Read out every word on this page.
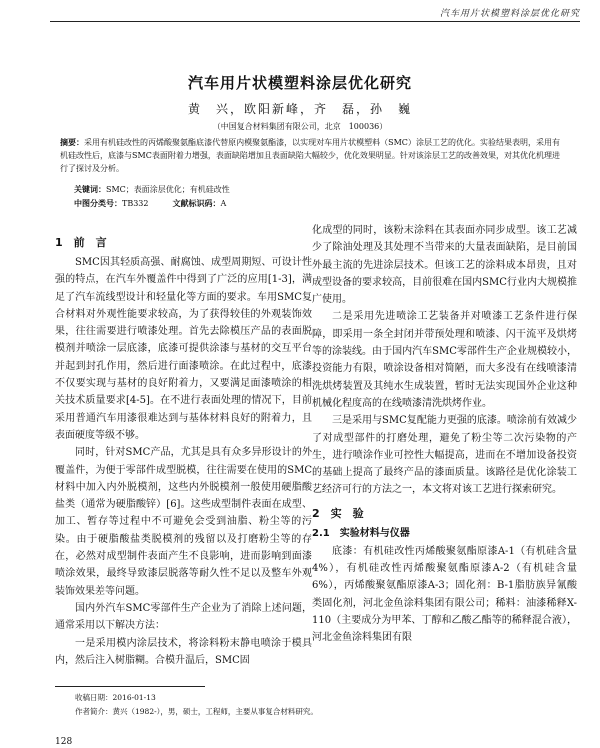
汽车用片状模塑料涂层优化研究
汽车用片状模塑料涂层优化研究
黄　兴，欧阳新峰，齐　磊，孙　巍
（中国复合材料集团有限公司，北京　100036）
摘要：采用有机硅改性的丙烯酸聚氨酯底漆代替原内模聚氨酯漆，以实现对车用片状模塑料（SMC）涂层工艺的优化。实验结果表明，采用有机硅改性后，底漆与SMC表面附着力增强，表面缺陷增加且表面缺陷大幅较少，优化效果明显。针对该涂层工艺的改善效果，对其优化机理进行了探讨及分析。
关键词：SMC；表面涂层优化；有机硅改性
中图分类号：TB332	文献标识码：A
1　前　言

SMC因其轻质高强、耐腐蚀、成型周期短、可设计性强的特点，在汽车外覆盖件中得到了广泛的应用[1-3]，满足了汽车流线型设计和轻量化等方面的要求。车用SMC复合材料对外观性能要求较高，为了获得较佳的外观装饰效果，往往需要进行喷漆处理。首先去除模压产品的表面脱模剂并喷涂一层底漆，底漆可提供涂漆与基材的交互平台并起到封孔作用，然后进行面漆喷涂。在此过程中，底漆不仅要实现与基材的良好附着力，又要满足面漆喷涂的相关技术质量要求[4-5]。在不进行表面处理的情况下，目前采用普通汽车用漆很难达到与基体材料良好的附着力，且表面硬度等级不够。

同时，针对SMC产品，尤其是具有众多异形设计的外覆盖件，为便于零部件成型脱模，往往需要在使用的SMC材料中加入内外脱模剂，这些内外脱模剂一般使用硬脂酸盐类（通常为硬脂酸锌）[6]。这些成型制件表面在成型、加工、暂存等过程中不可避免会受到油脂、粉尘等的污染。由于硬脂酸盐类脱模剂的残留以及打磨粉尘等的存在，必然对成型制件表面产生不良影响，进而影响到面漆喷涂效果，最终导致漆层脱落等耐久性不足以及整车外观装饰效果差等问题。

国内外汽车SMC零部件生产企业为了消除上述问题，通常采用以下解决方法：

一是采用模内涂层技术，将涂料粉末静电喷涂于模具内，然后注入树脂糊。合模升温后，SMC固

化成型的同时，该粉末涂料在其表面亦同步成型。该工艺减少了除油处理及其处理不当带来的大量表面缺陷，是目前国外最主流的先进涂层技术。但该工艺的涂料成本昂贵，且对成型设备的要求较高，目前很难在国内SMC行业内大规模推广使用。

二是采用先进喷涂工艺装备并对喷漆工艺条件进行保障，即采用一条全封闭并带预处理和喷漆、闪干流平及烘烤等的涂装线。由于国内汽车SMC零部件生产企业规模较小，投资能力有限，喷涂设备相对简陋，而大多没有在线喷漆清洗烘烤装置及其纯水生成装置，暂时无法实现国外企业这种机械化程度高的在线喷漆清洗烘烤作业。

三是采用与SMC复配能力更强的底漆。喷涂前有效减少了对成型部件的打磨处理，避免了粉尘等二次污染物的产生，进行喷涂作业可控性大幅提高，进而在不增加设备投资的基础上提高了最终产品的漆面质量。该路径是优化涂装工艺经济可行的方法之一，本文将对该工艺进行探索研究。

2　实　验
2.1　实验材料与仪器

底漆：有机硅改性丙烯酸聚氨酯原漆A-1（有机硅含量4%），有机硅改性丙烯酸聚氨酯原漆A-2（有机硅含量6%），丙烯酸聚氨酯原漆A-3；固化剂：B-1脂肪族异氰酸类固化剂，河北金鱼涂料集团有限公司；稀料：油漆稀释X-110（主要成分为甲苯、丁醇和乙酸乙酯等的稀释混合液），河北金鱼涂料集团有限

收稿日期：2016-01-13
作者简介：黄兴（1982-），男，硕士，工程师，主要从事复合材料研究。
128
